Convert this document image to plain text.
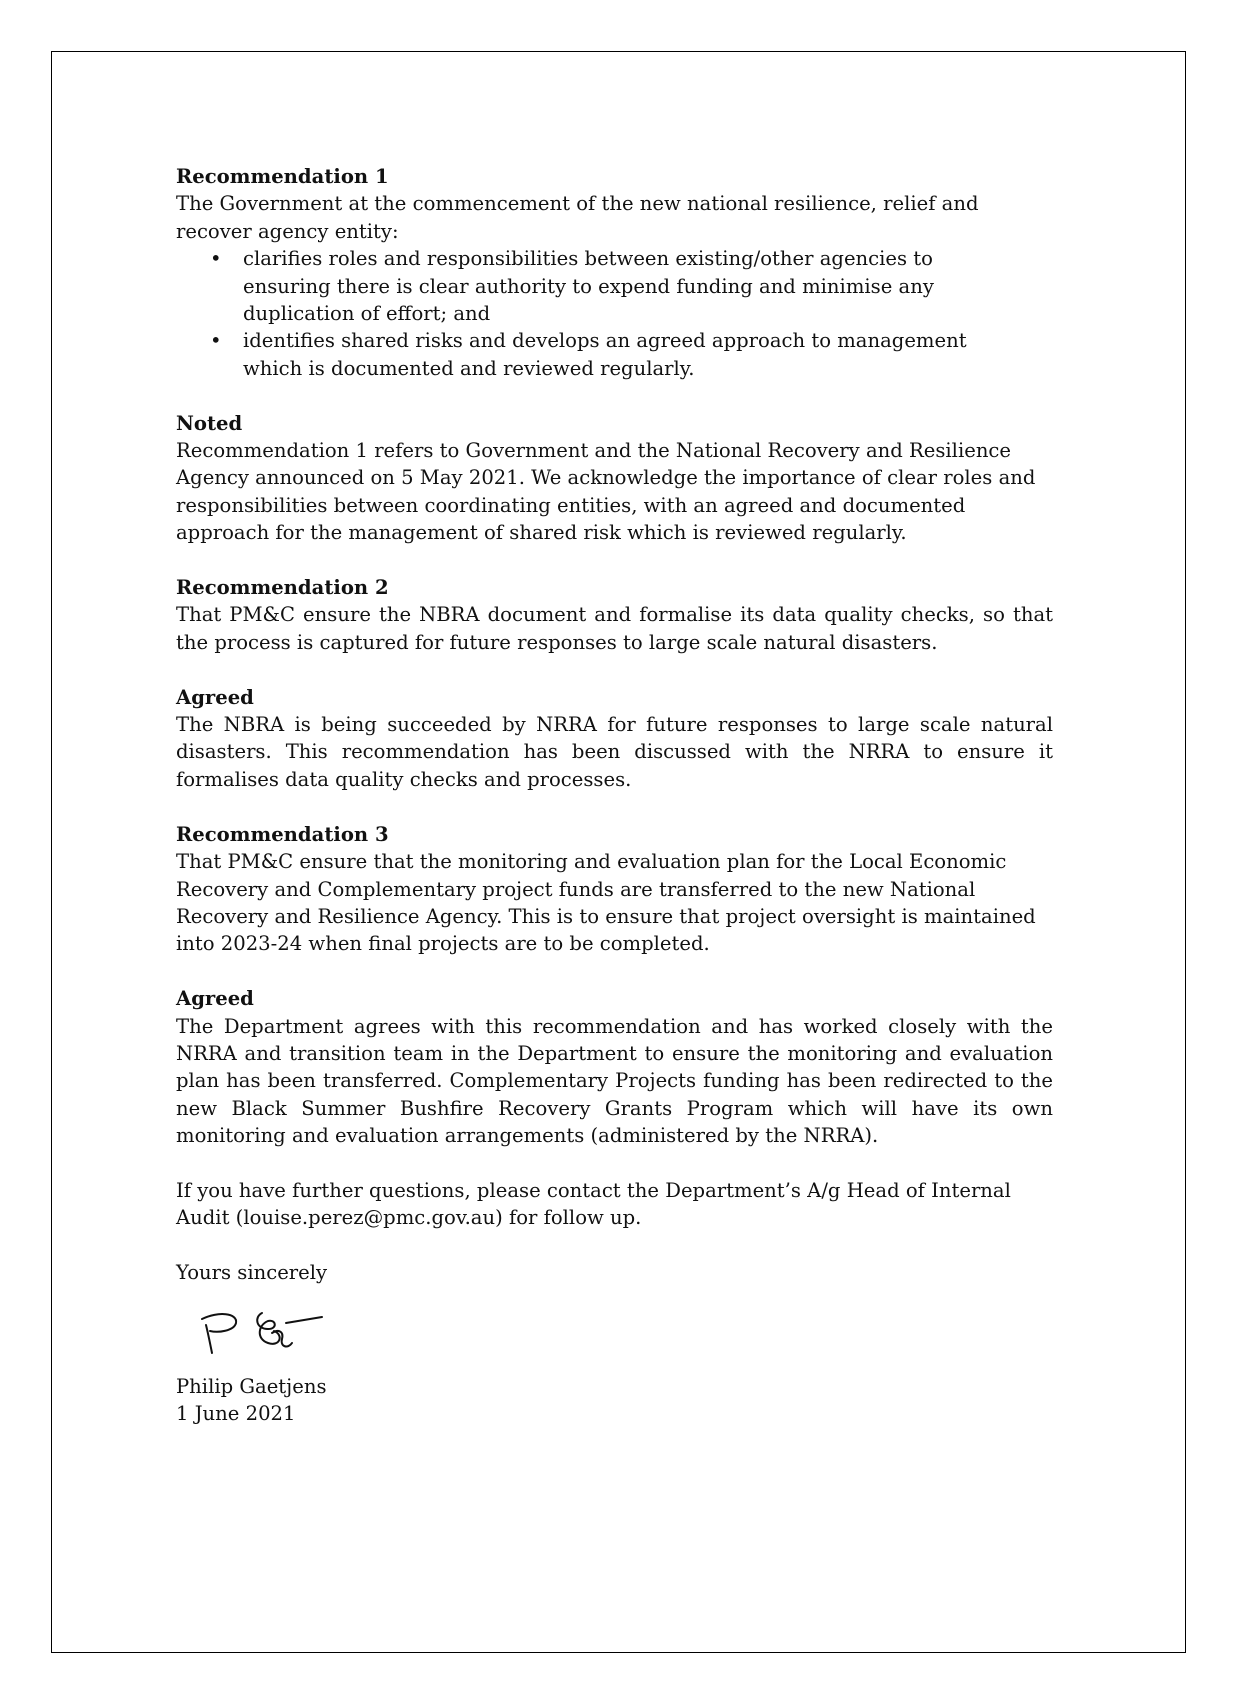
Recommendation 1

The Government at the commencement of the new national resilience, relief and recover agency entity:

• clarifies roles and responsibilities between existing/other agencies to ensuring there is clear authority to expend funding and minimise any duplication of effort; and
• identifies shared risks and develops an agreed approach to management which is documented and reviewed regularly.

Noted

Recommendation 1 refers to Government and the National Recovery and Resilience Agency announced on 5 May 2021. We acknowledge the importance of clear roles and responsibilities between coordinating entities, with an agreed and documented approach for the management of shared risk which is reviewed regularly.

Recommendation 2

That PM&C ensure the NBRA document and formalise its data quality checks, so that the process is captured for future responses to large scale natural disasters.

Agreed

The NBRA is being succeeded by NRRA for future responses to large scale natural disasters. This recommendation has been discussed with the NRRA to ensure it formalises data quality checks and processes.

Recommendation 3

That PM&C ensure that the monitoring and evaluation plan for the Local Economic Recovery and Complementary project funds are transferred to the new National Recovery and Resilience Agency. This is to ensure that project oversight is maintained into 2023-24 when final projects are to be completed.

Agreed

The Department agrees with this recommendation and has worked closely with the NRRA and transition team in the Department to ensure the monitoring and evaluation plan has been transferred. Complementary Projects funding has been redirected to the new Black Summer Bushfire Recovery Grants Program which will have its own monitoring and evaluation arrangements (administered by the NRRA).

If you have further questions, please contact the Department’s A/g Head of Internal Audit (louise.perez@pmc.gov.au) for follow up.

Yours sincerely

Philip Gaetjens

1 June 2021
